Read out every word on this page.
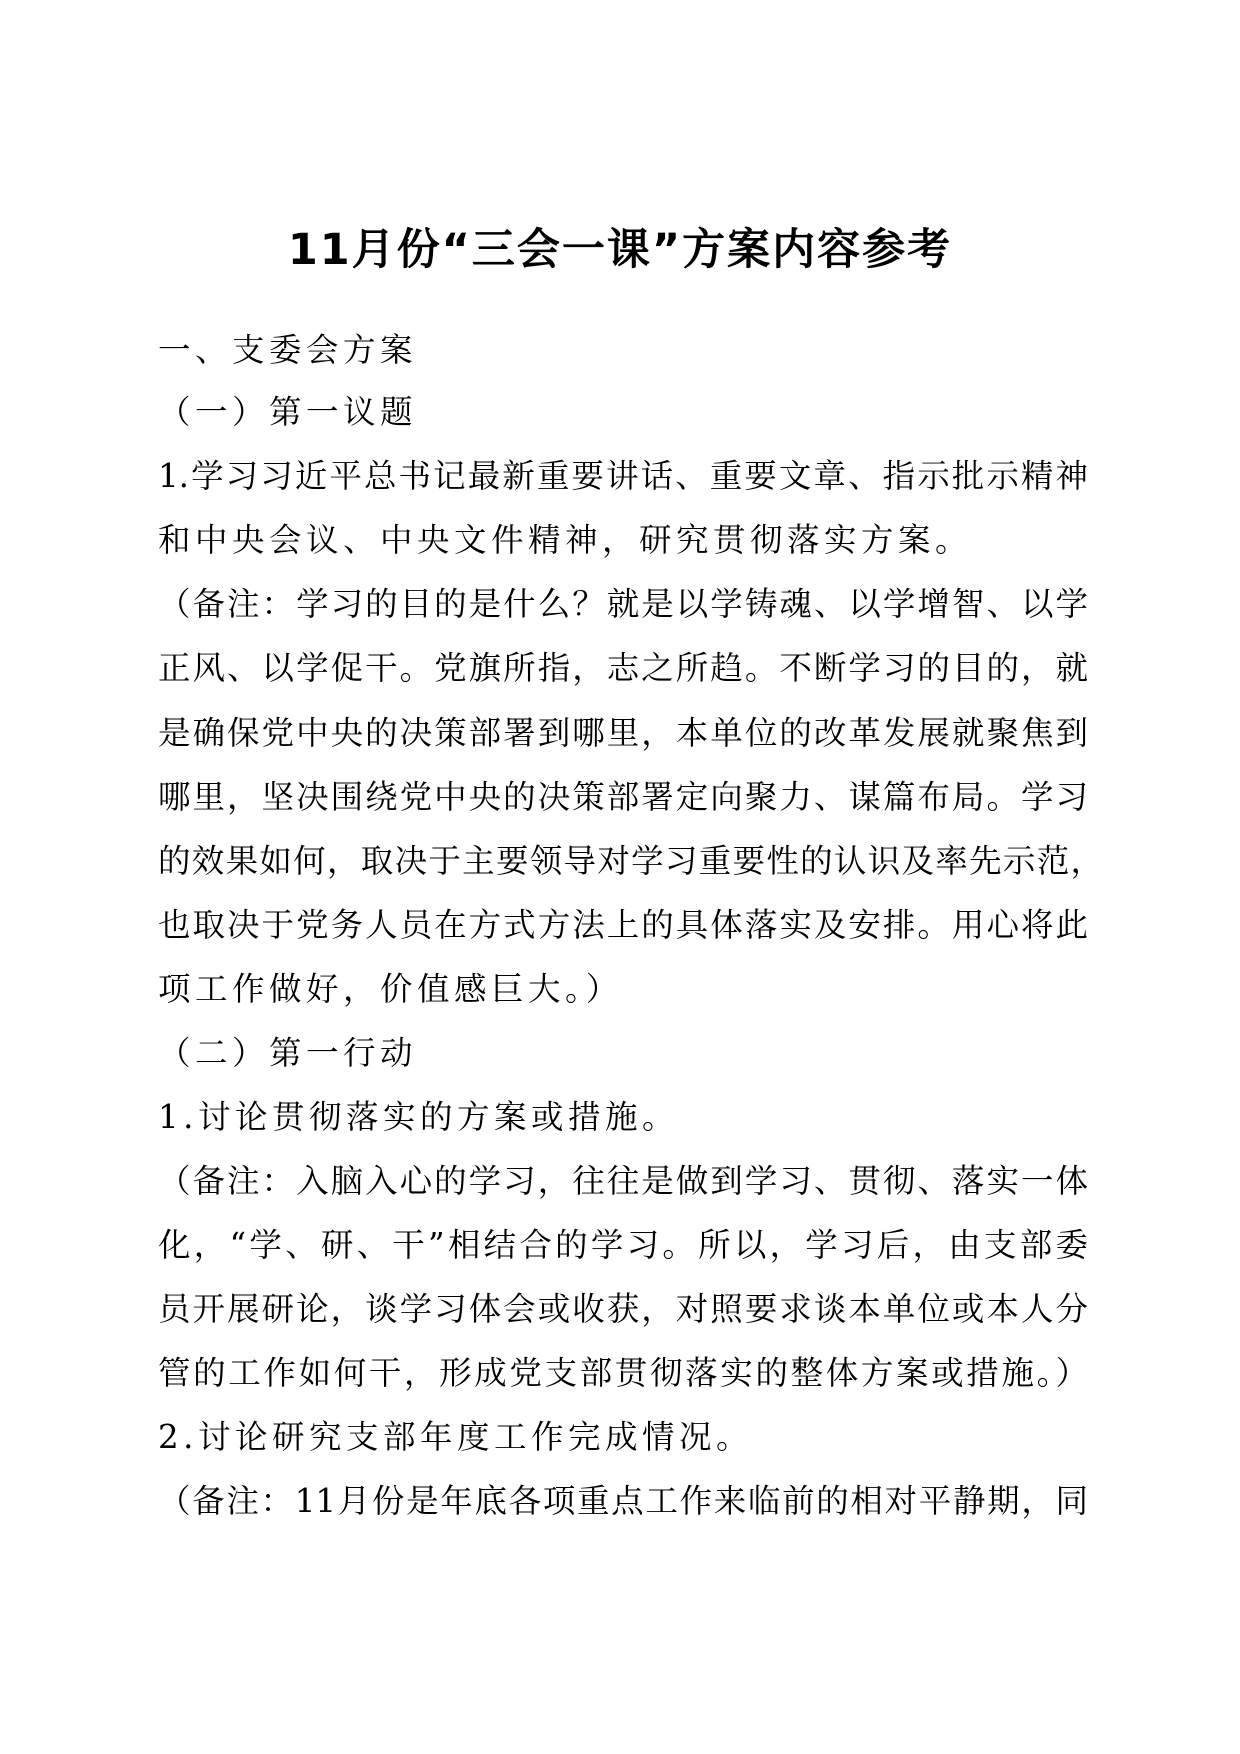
11月份“三会一课”方案内容参考
一、支委会方案
（一）第一议题
1.学习习近平总书记最新重要讲话、重要文章、指示批示精神
和中央会议、中央文件精神，研究贯彻落实方案。
（备注：学习的目的是什么？就是以学铸魂、以学增智、以学
正风、以学促干。党旗所指，志之所趋。不断学习的目的，就
是确保党中央的决策部署到哪里，本单位的改革发展就聚焦到
哪里，坚决围绕党中央的决策部署定向聚力、谋篇布局。学习
的效果如何，取决于主要领导对学习重要性的认识及率先示范，
也取决于党务人员在方式方法上的具体落实及安排。用心将此
项工作做好，价值感巨大。）
（二）第一行动
1.讨论贯彻落实的方案或措施。
（备注：入脑入心的学习，往往是做到学习、贯彻、落实一体
化，“学、研、干”相结合的学习。所以，学习后，由支部委
员开展研论，谈学习体会或收获，对照要求谈本单位或本人分
管的工作如何干，形成党支部贯彻落实的整体方案或措施。）
2.讨论研究支部年度工作完成情况。
（备注：11月份是年底各项重点工作来临前的相对平静期，同
